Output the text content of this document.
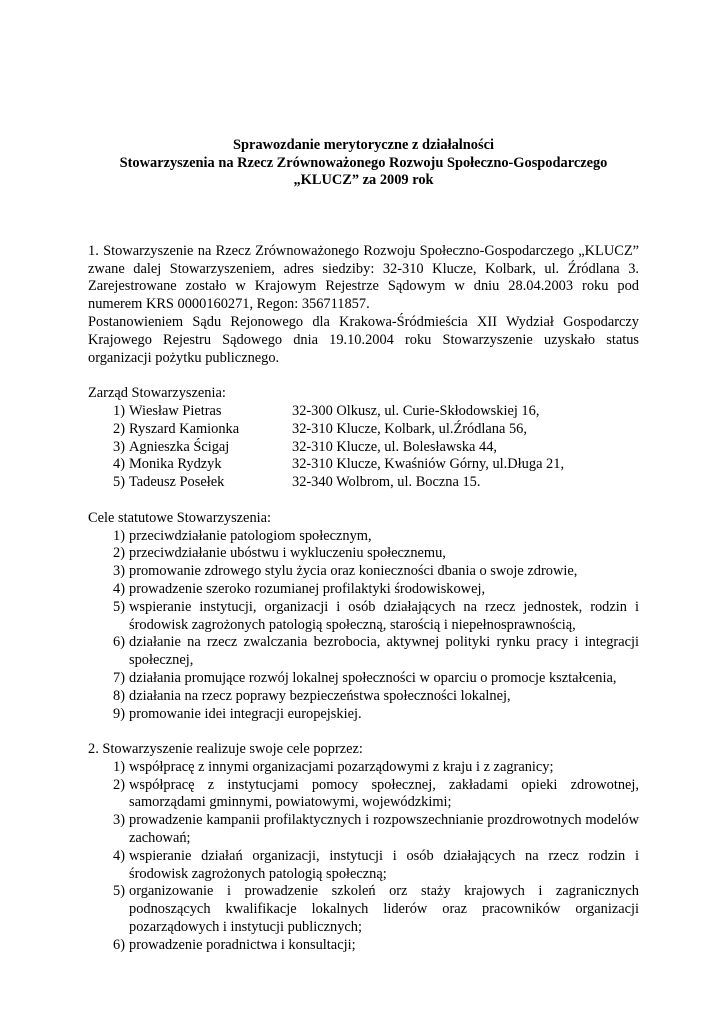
Sprawozdanie merytoryczne z działalności
Stowarzyszenia na Rzecz Zrównoważonego Rozwoju Społeczno-Gospodarczego
„KLUCZ” za 2009 rok

1. Stowarzyszenie na Rzecz Zrównoważonego Rozwoju Społeczno-Gospodarczego „KLUCZ” zwane dalej Stowarzyszeniem, adres siedziby: 32-310 Klucze, Kolbark, ul. Źródlana 3. Zarejestrowane zostało w Krajowym Rejestrze Sądowym w dniu 28.04.2003 roku pod numerem KRS 0000160271, Regon: 356711857.

Postanowieniem Sądu Rejonowego dla Krakowa-Śródmieścia XII Wydział Gospodarczy Krajowego Rejestru Sądowego dnia 19.10.2004 roku Stowarzyszenie uzyskało status organizacji pożytku publicznego.

Zarząd Stowarzyszenia:

1) Wiesław Pietras	32-300 Olkusz, ul. Curie-Skłodowskiej 16,
2) Ryszard Kamionka	32-310 Klucze, Kolbark, ul.Źródlana 56,
3) Agnieszka Ścigaj	32-310 Klucze, ul. Bolesławska 44,
4) Monika Rydzyk	32-310 Klucze, Kwaśniów Górny, ul.Długa 21,
5) Tadeusz Posełek	32-340 Wolbrom, ul. Boczna 15.

Cele statutowe Stowarzyszenia:

1) przeciwdziałanie patologiom społecznym,
2) przeciwdziałanie ubóstwu i wykluczeniu społecznemu,
3) promowanie zdrowego stylu życia oraz konieczności dbania o swoje zdrowie,
4) prowadzenie szeroko rozumianej profilaktyki środowiskowej,
5) wspieranie instytucji, organizacji i osób działających na rzecz jednostek, rodzin i środowisk zagrożonych patologią społeczną, starością i niepełnosprawnością,
6) działanie na rzecz zwalczania bezrobocia, aktywnej polityki rynku pracy i integracji społecznej,
7) działania promujące rozwój lokalnej społeczności w oparciu o promocje kształcenia,
8) działania na rzecz poprawy bezpieczeństwa społeczności lokalnej,
9) promowanie idei integracji europejskiej.

2. Stowarzyszenie realizuje swoje cele poprzez:

1) współpracę z innymi organizacjami pozarządowymi z kraju i z zagranicy;
2) współpracę z instytucjami pomocy społecznej, zakładami opieki zdrowotnej, samorządami gminnymi, powiatowymi, wojewódzkimi;
3) prowadzenie kampanii profilaktycznych i rozpowszechnianie prozdrowotnych modelów zachowań;
4) wspieranie działań organizacji, instytucji i osób działających na rzecz rodzin i środowisk zagrożonych patologią społeczną;
5) organizowanie i prowadzenie szkoleń orz staży krajowych i zagranicznych podnoszących kwalifikacje lokalnych liderów oraz pracowników organizacji pozarządowych i instytucji publicznych;
6) prowadzenie poradnictwa i konsultacji;
